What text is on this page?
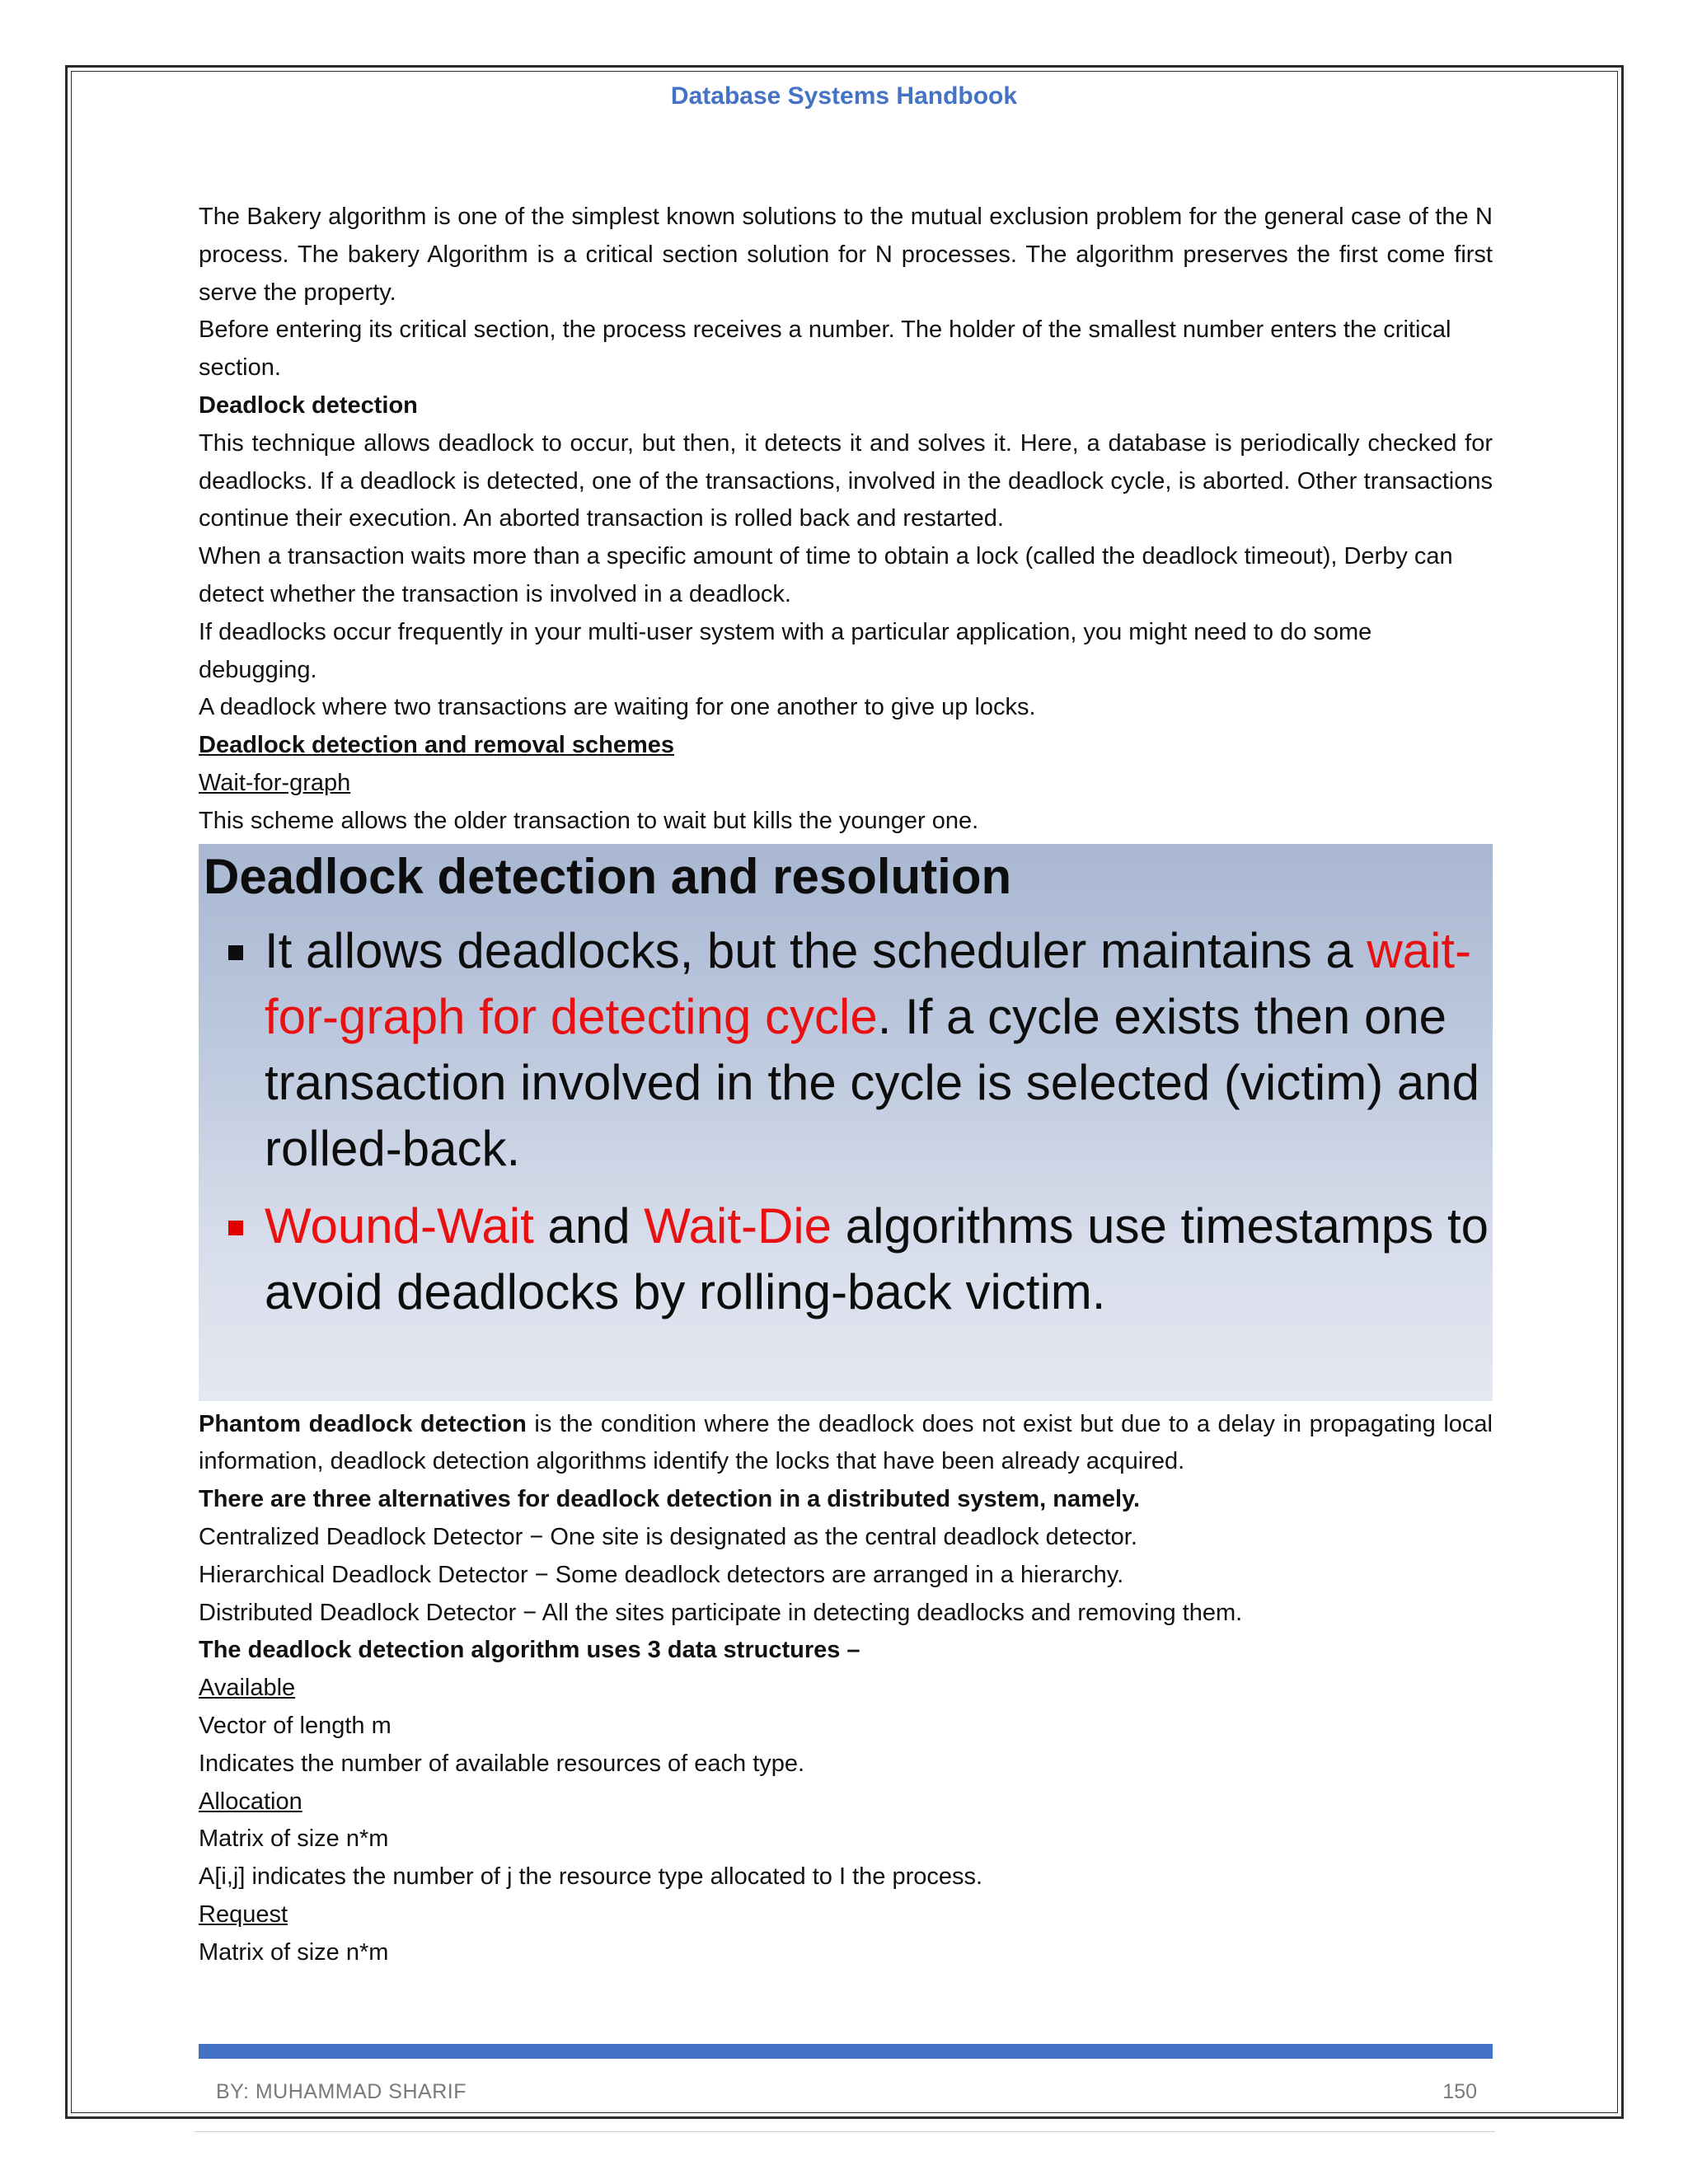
Database Systems Handbook

The Bakery algorithm is one of the simplest known solutions to the mutual exclusion problem for the general case of the N process. The bakery Algorithm is a critical section solution for N processes. The algorithm preserves the first come first serve the property.

Before entering its critical section, the process receives a number. The holder of the smallest number enters the critical section.

Deadlock detection

This technique allows deadlock to occur, but then, it detects it and solves it. Here, a database is periodically checked for deadlocks. If a deadlock is detected, one of the transactions, involved in the deadlock cycle, is aborted. Other transactions continue their execution. An aborted transaction is rolled back and restarted.

When a transaction waits more than a specific amount of time to obtain a lock (called the deadlock timeout), Derby can detect whether the transaction is involved in a deadlock.

If deadlocks occur frequently in your multi-user system with a particular application, you might need to do some debugging.

A deadlock where two transactions are waiting for one another to give up locks.

Deadlock detection and removal schemes

Wait-for-graph

This scheme allows the older transaction to wait but kills the younger one.

Deadlock detection and resolution
It allows deadlocks, but the scheduler maintains a wait-for-graph for detecting cycle. If a cycle exists then one transaction involved in the cycle is selected (victim) and rolled-back.
Wound-Wait and Wait-Die algorithms use timestamps to avoid deadlocks by rolling-back victim.

Phantom deadlock detection is the condition where the deadlock does not exist but due to a delay in propagating local information, deadlock detection algorithms identify the locks that have been already acquired.

There are three alternatives for deadlock detection in a distributed system, namely.

Centralized Deadlock Detector − One site is designated as the central deadlock detector.

Hierarchical Deadlock Detector − Some deadlock detectors are arranged in a hierarchy.

Distributed Deadlock Detector − All the sites participate in detecting deadlocks and removing them.

The deadlock detection algorithm uses 3 data structures –

Available

Vector of length m

Indicates the number of available resources of each type.

Allocation

Matrix of size n*m

A[i,j] indicates the number of j the resource type allocated to I the process.

Request

Matrix of size n*m

BY: MUHAMMAD SHARIF	150
